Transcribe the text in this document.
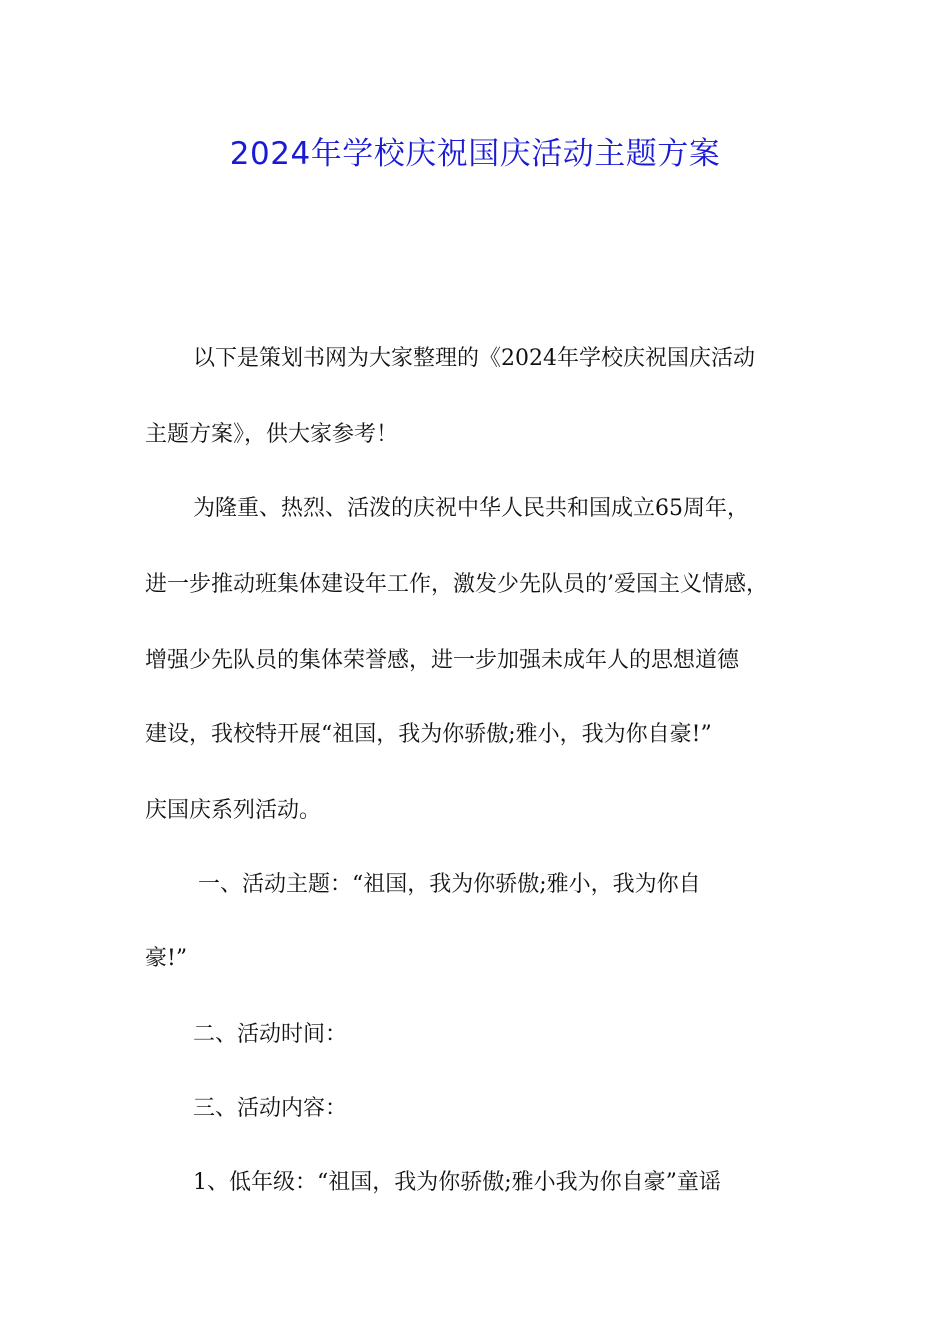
2024年学校庆祝国庆活动主题方案
以下是策划书网为大家整理的《2024年学校庆祝国庆活动
主题方案》，供大家参考！
为隆重、热烈、活泼的庆祝中华人民共和国成立65周年，
进一步推动班集体建设年工作，激发少先队员的’爱国主义情感，
增强少先队员的集体荣誉感，进一步加强未成年人的思想道德
建设，我校特开展“祖国，我为你骄傲;雅小，我为你自豪!”
庆国庆系列活动。
一、活动主题：“祖国，我为你骄傲;雅小，我为你自
豪!”
二、活动时间：
三、活动内容：
1、低年级：“祖国，我为你骄傲;雅小我为你自豪”童谣
